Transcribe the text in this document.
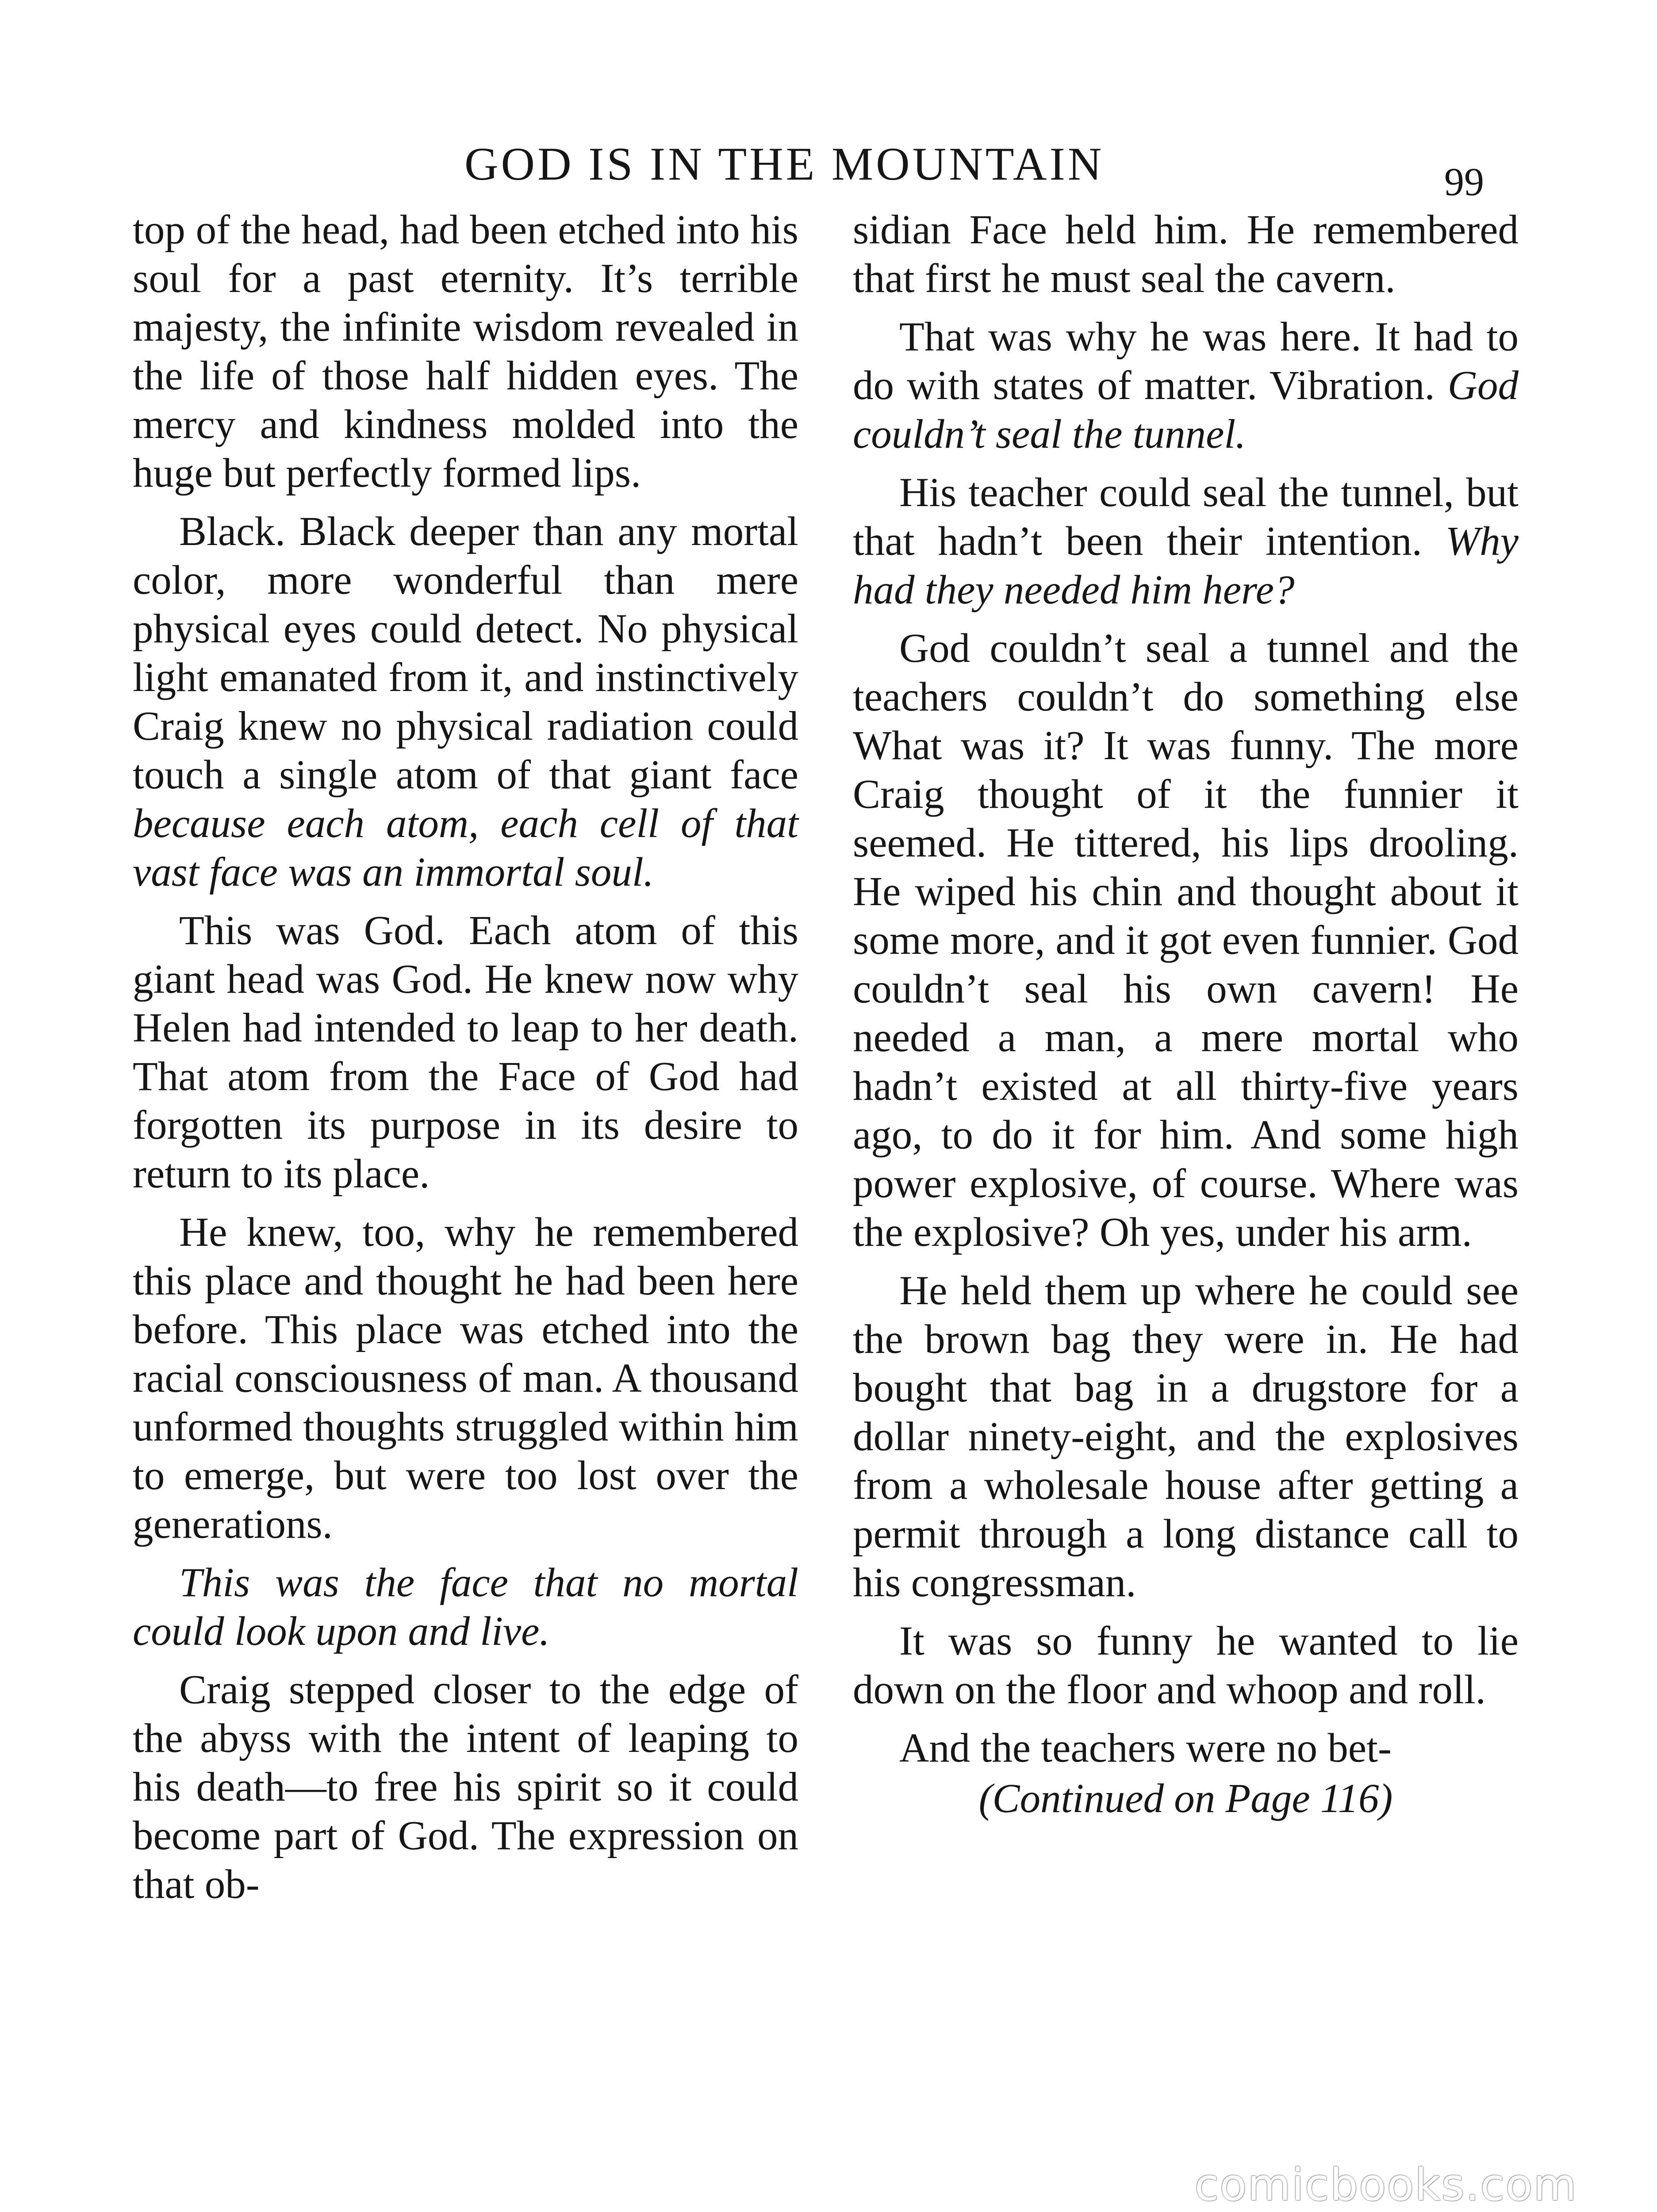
GOD IS IN THE MOUNTAIN	99

top of the head, had been etched into his soul for a past eternity. It’s terrible majesty, the infinite wisdom revealed in the life of those half hidden eyes. The mercy and kindness molded into the huge but perfectly formed lips.

Black. Black deeper than any mortal color, more wonderful than mere physical eyes could detect. No physical light emanated from it, and instinctively Craig knew no physical radiation could touch a single atom of that giant face because each atom, each cell of that vast face was an immortal soul.

This was God. Each atom of this giant head was God. He knew now why Helen had intended to leap to her death. That atom from the Face of God had forgotten its purpose in its desire to return to its place.

He knew, too, why he remembered this place and thought he had been here before. This place was etched into the racial consciousness of man. A thousand unformed thoughts struggled within him to emerge, but were too lost over the generations.

This was the face that no mortal could look upon and live.

Craig stepped closer to the edge of the abyss with the intent of leaping to his death—to free his spirit so it could become part of God. The expression on that ob-

sidian Face held him. He remembered that first he must seal the cavern.

That was why he was here. It had to do with states of matter. Vibration. God couldn’t seal the tunnel.

His teacher could seal the tunnel, but that hadn’t been their intention. Why had they needed him here?

God couldn’t seal a tunnel and the teachers couldn’t do something else What was it? It was funny. The more Craig thought of it the funnier it seemed. He tittered, his lips drooling. He wiped his chin and thought about it some more, and it got even funnier. God couldn’t seal his own cavern! He needed a man, a mere mortal who hadn’t existed at all thirty-five years ago, to do it for him. And some high power explosive, of course. Where was the explosive? Oh yes, under his arm.

He held them up where he could see the brown bag they were in. He had bought that bag in a drugstore for a dollar ninety-eight, and the explosives from a wholesale house after getting a permit through a long distance call to his congressman.

It was so funny he wanted to lie down on the floor and whoop and roll.

And the teachers were no bet-

(Continued on Page 116)

comicbooks.com
